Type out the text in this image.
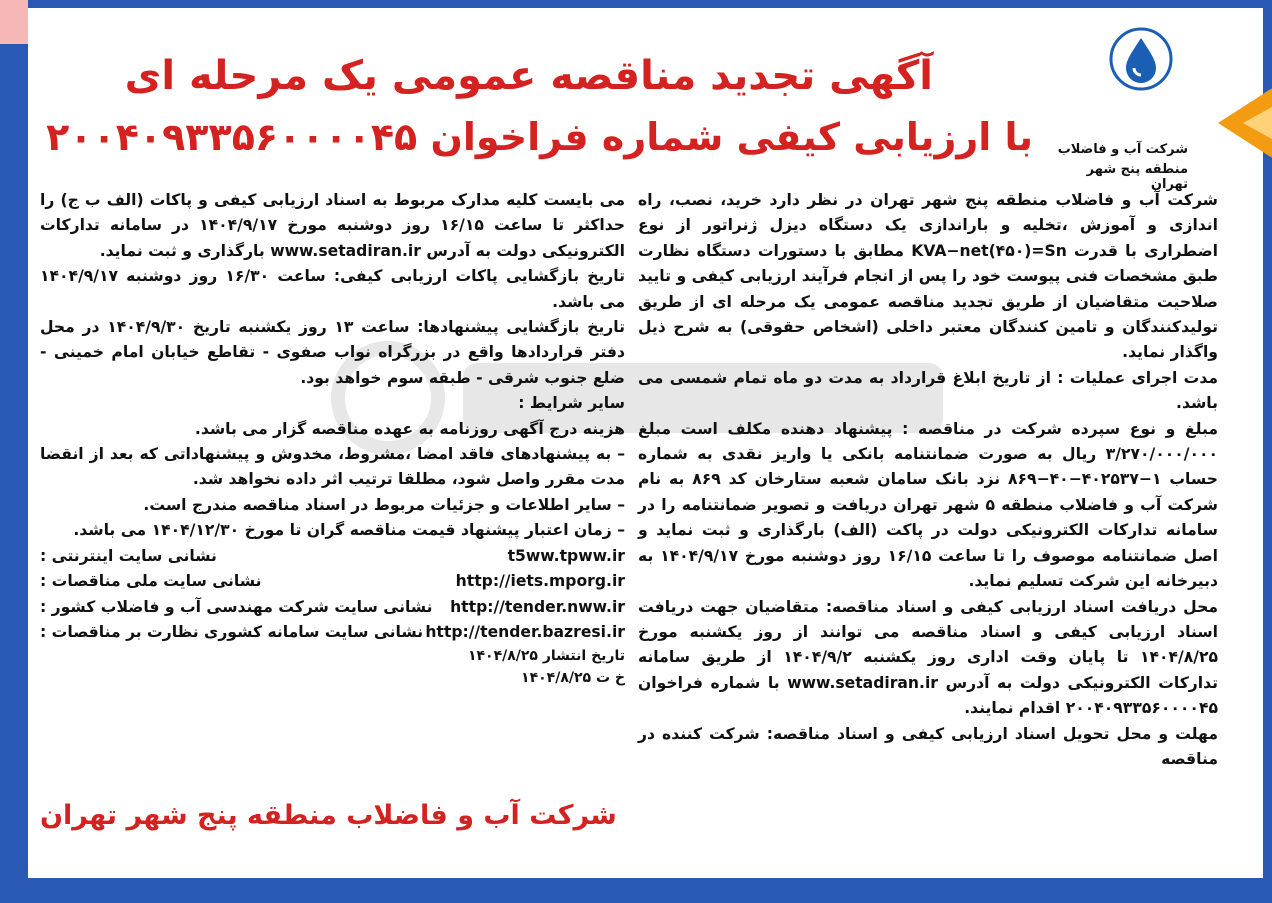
شرکت آب و فاضلاب
منطقه پنج شهر تهران
آگهی تجدید مناقصه عمومی یک مرحله ای
با ارزیابی کیفی شماره فراخوان ۲۰۰۴۰۹۳۳۵۶۰۰۰۰۴۵

شرکت آب و فاضلاب منطقه پنج شهر تهران در نظر دارد خرید، نصب، راه اندازی و آموزش ،تخلیه و باراندازی یک دستگاه دیزل ژنراتور از نوع اضطراری با قدرت KVA−net(۴۵۰)=Sn مطابق با دستورات دستگاه نظارت طبق مشخصات فنی پیوست خود را پس از انجام فرآیند ارزیابی کیفی و تایید صلاحیت متقاضیان از طریق تجدید مناقصه عمومی یک مرحله ای از طریق تولیدکنندگان و تامین کنندگان معتبر داخلی (اشخاص حقوقی) به شرح ذیل واگذار نماید.

مدت اجرای عملیات : از تاریخ ابلاغ قرارداد به مدت دو ماه تمام شمسی می باشد.

مبلغ و نوع سپرده شرکت در مناقصه : پیشنهاد دهنده مکلف است مبلغ ۳/۲۷۰/۰۰۰/۰۰۰ ریال به صورت ضمانتنامه بانکی یا واریز نقدی به شماره حساب ۱−۴۰۲۵۳۷−۴۰−۸۶۹ نزد بانک سامان شعبه ستارخان کد ۸۶۹ به نام شرکت آب و فاضلاب منطقه ۵ شهر تهران دریافت و تصویر ضمانتنامه را در سامانه تدارکات الکترونیکی دولت در پاکت (الف) بارگذاری و ثبت نماید و اصل ضمانتنامه موصوف را تا ساعت ۱۶/۱۵ روز دوشنبه مورخ ۱۴۰۴/۹/۱۷ به دبیرخانه این شرکت تسلیم نماید.

محل دریافت اسناد ارزیابی کیفی و اسناد مناقصه: متقاضیان جهت دریافت اسناد ارزیابی کیفی و اسناد مناقصه می توانند از روز یکشنبه مورخ ۱۴۰۴/۸/۲۵ تا پایان وقت اداری روز یکشنبه ۱۴۰۴/۹/۲ از طریق سامانه تدارکات الکترونیکی دولت به آدرس www.setadiran.ir با شماره فراخوان ۲۰۰۴۰۹۳۳۵۶۰۰۰۰۴۵ اقدام نمایند.

مهلت و محل تحویل اسناد ارزیابی کیفی و اسناد مناقصه: شرکت کننده در مناقصه

می بایست کلیه مدارک مربوط به اسناد ارزیابی کیفی و پاکات (الف ب ج) را حداکثر تا ساعت ۱۶/۱۵ روز دوشنبه مورخ ۱۴۰۴/۹/۱۷ در سامانه تدارکات الکترونیکی دولت به آدرس www.setadiran.ir بارگذاری و ثبت نماید.

تاریخ بازگشایی پاکات ارزیابی کیفی: ساعت ۱۶/۳۰ روز دوشنبه ۱۴۰۴/۹/۱۷ می باشد.

تاریخ بازگشایی پیشنهادها: ساعت ۱۳ روز یکشنبه تاریخ ۱۴۰۴/۹/۳۰ در محل دفتر قراردادها واقع در بزرگراه نواب صفوی - تقاطع خیابان امام خمینی - ضلع جنوب شرقی - طبقه سوم خواهد بود.

سایر شرایط :

هزینه درج آگهی روزنامه به عهده مناقصه گزار می باشد.

– به پیشنهادهای فاقد امضا ،مشروط، مخدوش و پیشنهاداتی که بعد از انقضا مدت مقرر واصل شود، مطلقا ترتیب اثر داده نخواهد شد.

– سایر اطلاعات و جزئیات مربوط در اسناد مناقصه مندرج است.

– زمان اعتبار پیشنهاد قیمت مناقصه گران تا مورخ ۱۴۰۴/۱۲/۳۰ می باشد.

نشانی سایت اینترنتی :	t5ww.tpww.ir
نشانی سایت ملی مناقصات :	http://iets.mporg.ir
نشانی سایت شرکت مهندسی آب و فاضلاب کشور : http://tender.nww.ir
نشانی سایت سامانه کشوری نظارت بر مناقصات : http://tender.bazresi.ir

تاریخ انتشار ۱۴۰۴/۸/۲۵

خ ت ۱۴۰۴/۸/۲۵

شرکت آب و فاضلاب منطقه پنج شهر تهران
